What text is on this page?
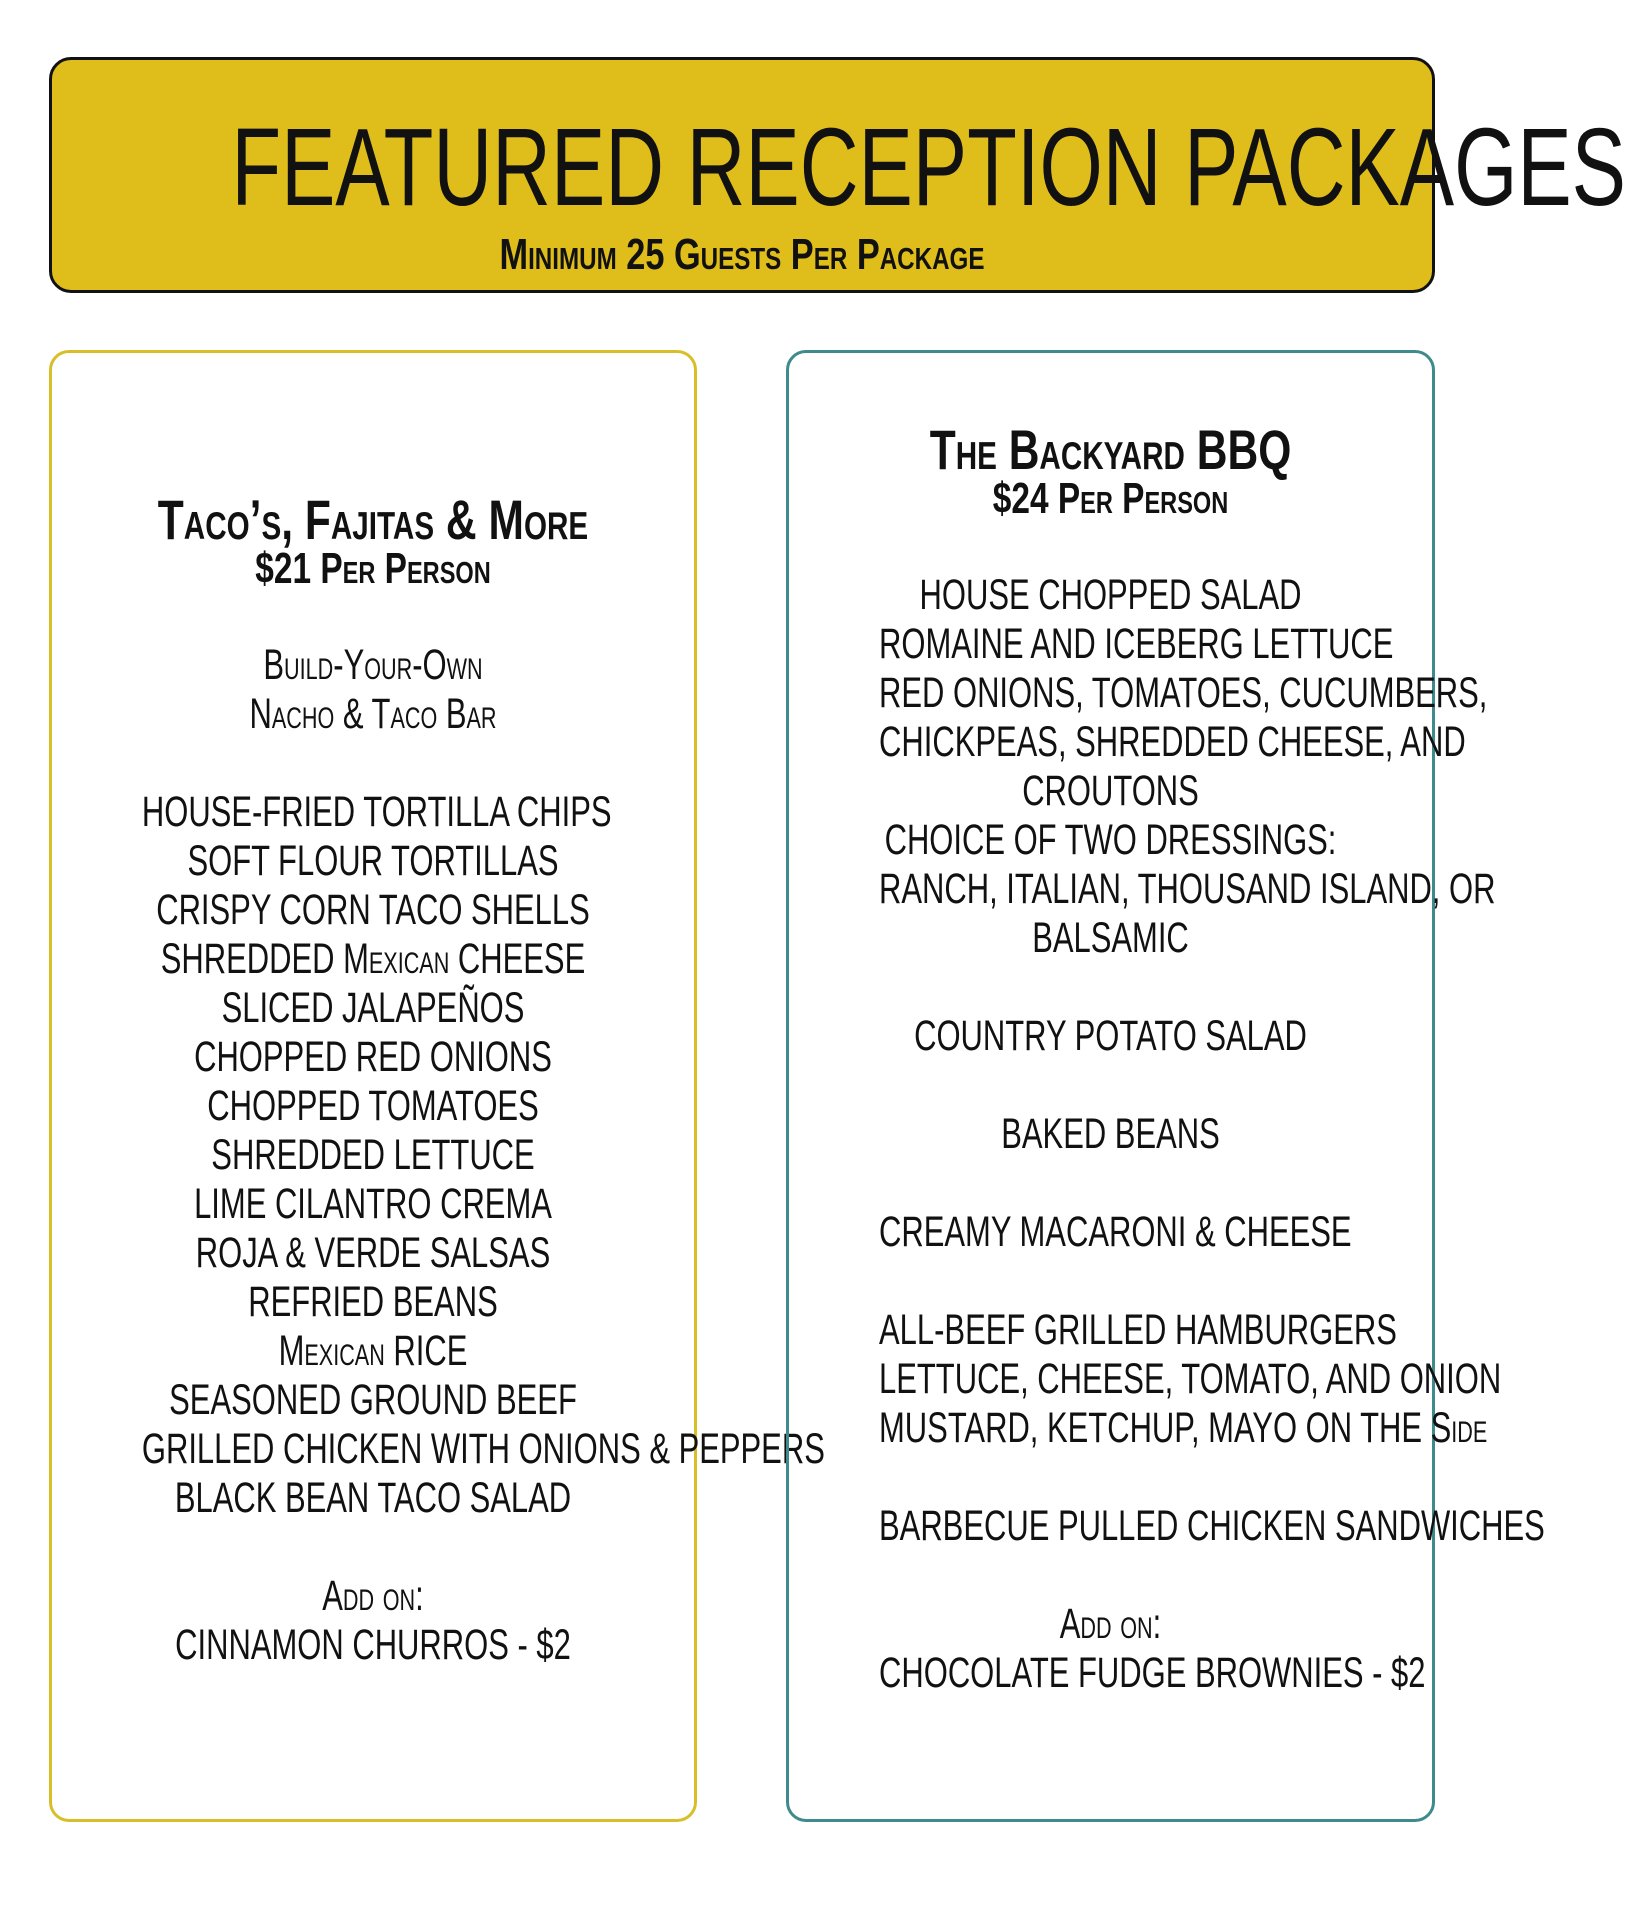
FEATURED RECEPTION PACKAGES
Minimum 25 Guests Per Package
Taco’s, Fajitas & More
$21 Per Person
Build-Your-Own
Nacho & Taco Bar
HOUSE-FRIED TORTILLA CHIPS
SOFT FLOUR TORTILLAS
CRISPY CORN TACO SHELLS
SHREDDED Mexican CHEESE
SLICED JALAPEÑOS
CHOPPED RED ONIONS
CHOPPED TOMATOES
SHREDDED LETTUCE
LIME CILANTRO CREMA
ROJA & VERDE SALSAS
REFRIED BEANS
Mexican RICE
SEASONED GROUND BEEF
GRILLED CHICKEN WITH ONIONS & PEPPERS
BLACK BEAN TACO SALAD
Add on:
CINNAMON CHURROS - $2
The Backyard BBQ
$24 Per Person
HOUSE CHOPPED SALAD
ROMAINE AND ICEBERG LETTUCE
RED ONIONS, TOMATOES, CUCUMBERS,
CHICKPEAS, SHREDDED CHEESE, AND
CROUTONS
CHOICE OF TWO DRESSINGS:
RANCH, ITALIAN, THOUSAND ISLAND, OR
BALSAMIC
COUNTRY POTATO SALAD
BAKED BEANS
CREAMY MACARONI & CHEESE
ALL-BEEF GRILLED HAMBURGERS
LETTUCE, CHEESE, TOMATO, AND ONION
MUSTARD, KETCHUP, MAYO ON THE Side
BARBECUE PULLED CHICKEN SANDWICHES
Add on:
CHOCOLATE FUDGE BROWNIES - $2
